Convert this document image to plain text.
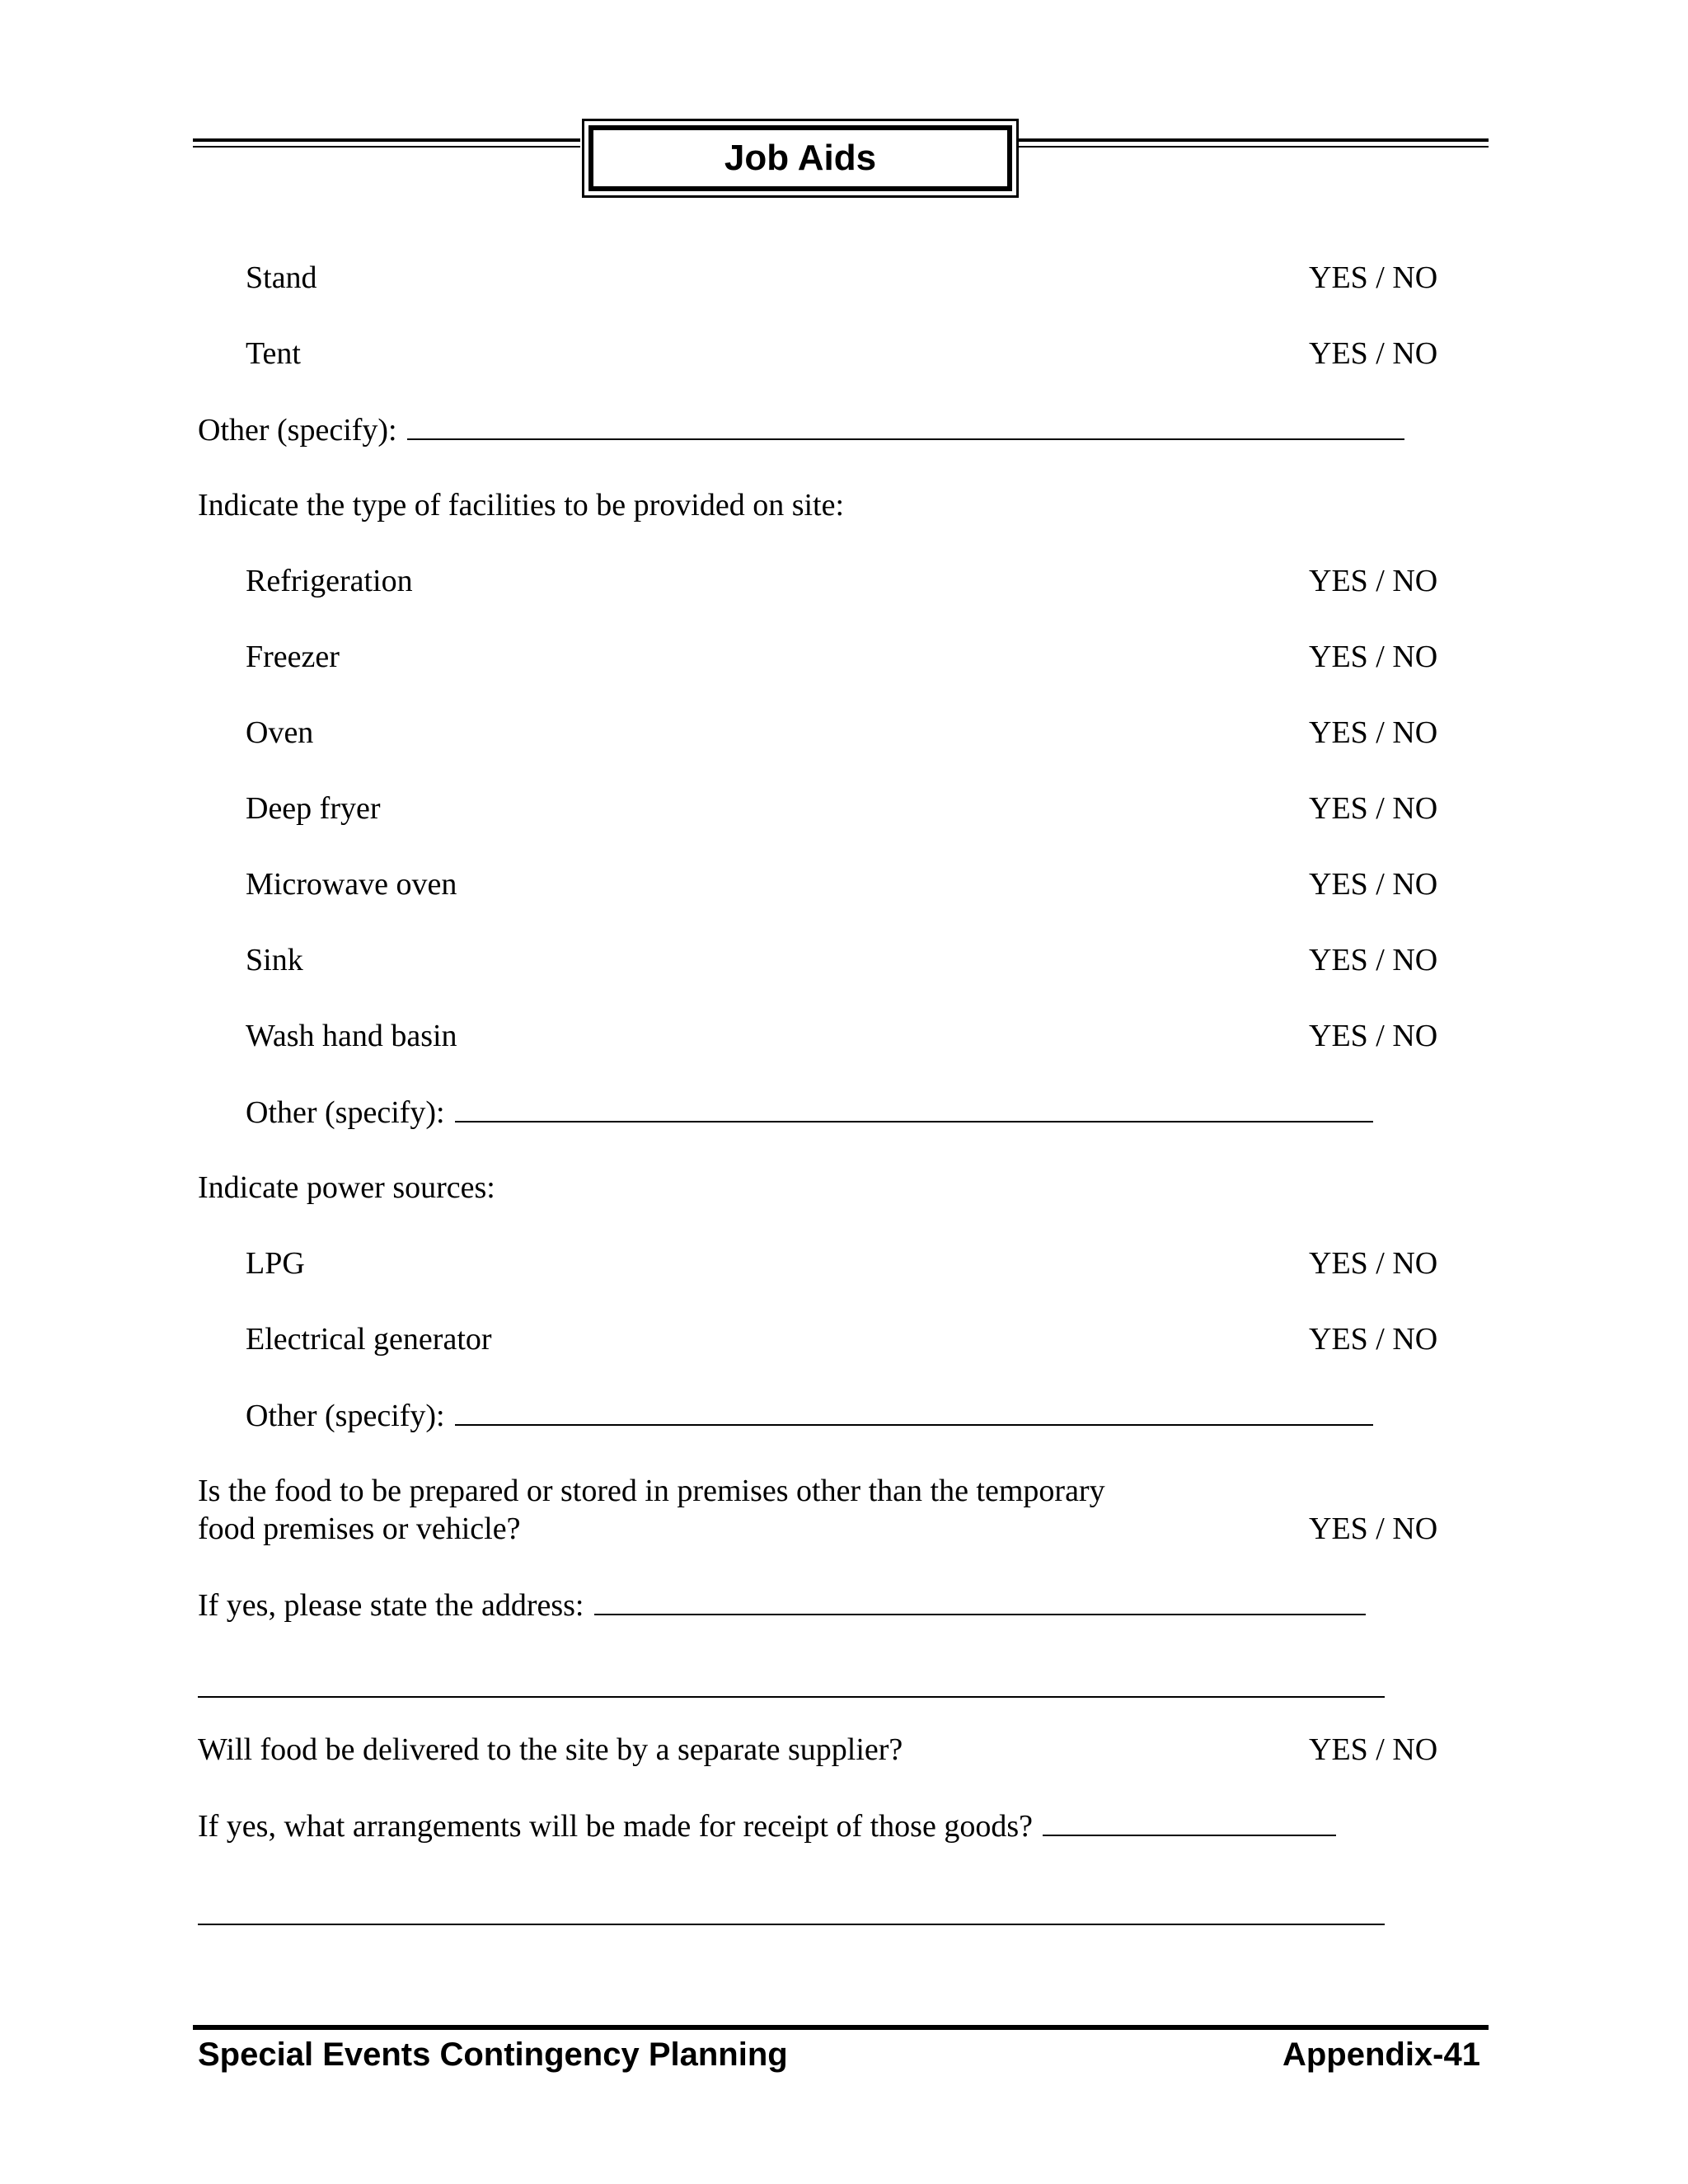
Job Aids
Stand	YES / NO
Tent	YES / NO
Other (specify):
Indicate the type of facilities to be provided on site:
Refrigeration	YES / NO
Freezer	YES / NO
Oven	YES / NO
Deep fryer	YES / NO
Microwave oven	YES / NO
Sink	YES / NO
Wash hand basin	YES / NO
Other (specify):
Indicate power sources:
LPG	YES / NO
Electrical generator	YES / NO
Other (specify):
Is the food to be prepared or stored in premises other than the temporary
food premises or vehicle?	YES / NO
If yes, please state the address:
Will food be delivered to the site by a separate supplier?	YES / NO
If yes, what arrangements will be made for receipt of those goods?
Special Events Contingency Planning	Appendix-41
